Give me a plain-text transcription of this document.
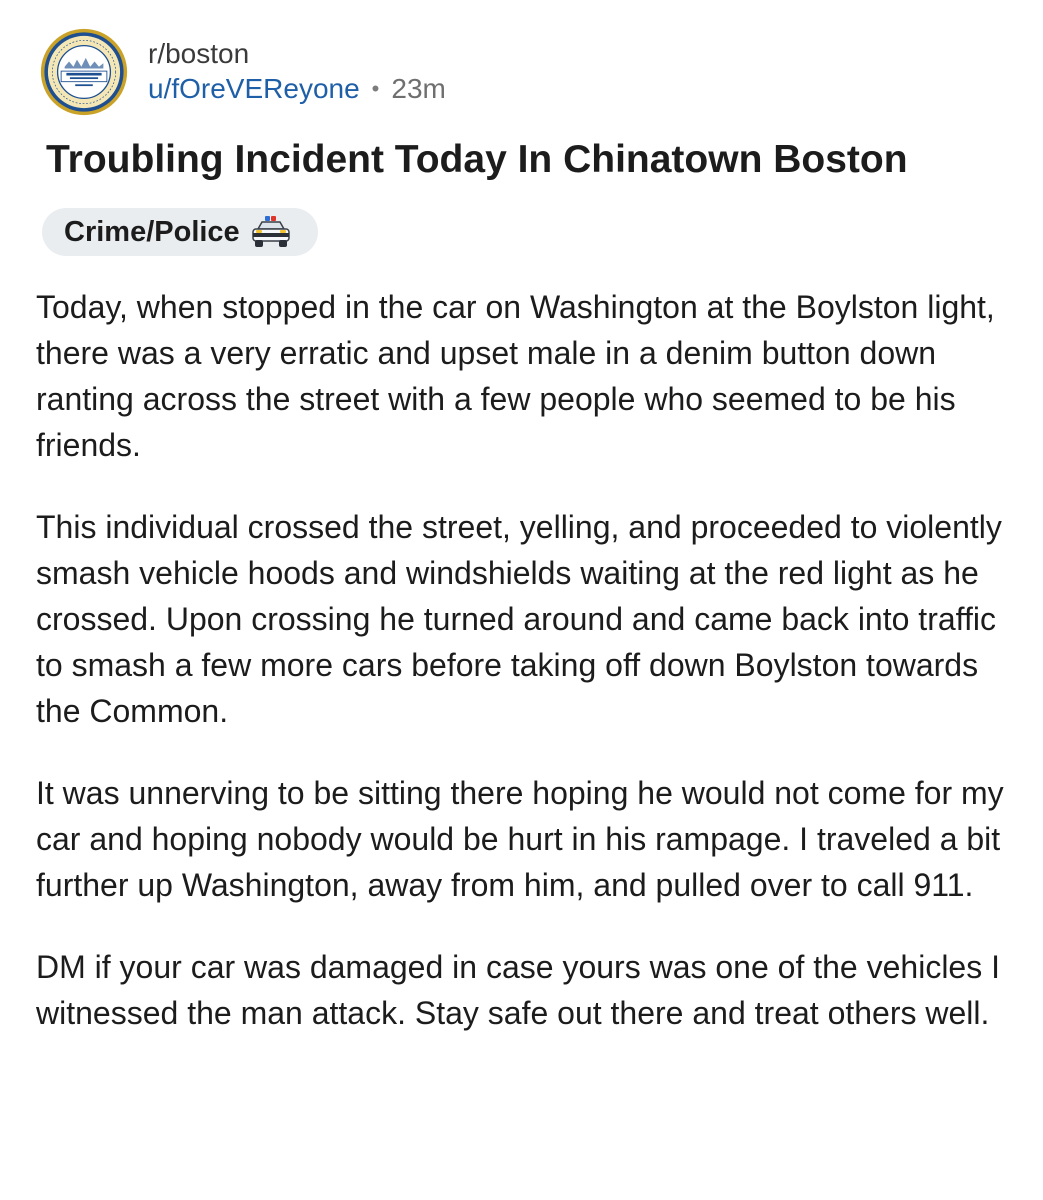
r/boston
u/fOreVEReyone • 23m
Troubling Incident Today In Chinatown Boston
Crime/Police

Today, when stopped in the car on Washington at the Boylston light, there was a very erratic and upset male in a denim button down ranting across the street with a few people who seemed to be his friends.

This individual crossed the street, yelling, and proceeded to violently smash vehicle hoods and windshields waiting at the red light as he crossed. Upon crossing he turned around and came back into traffic to smash a few more cars before taking off down Boylston towards the Common.

It was unnerving to be sitting there hoping he would not come for my car and hoping nobody would be hurt in his rampage. I traveled a bit further up Washington, away from him, and pulled over to call 911.

DM if your car was damaged in case yours was one of the vehicles I witnessed the man attack. Stay safe out there and treat others well.
